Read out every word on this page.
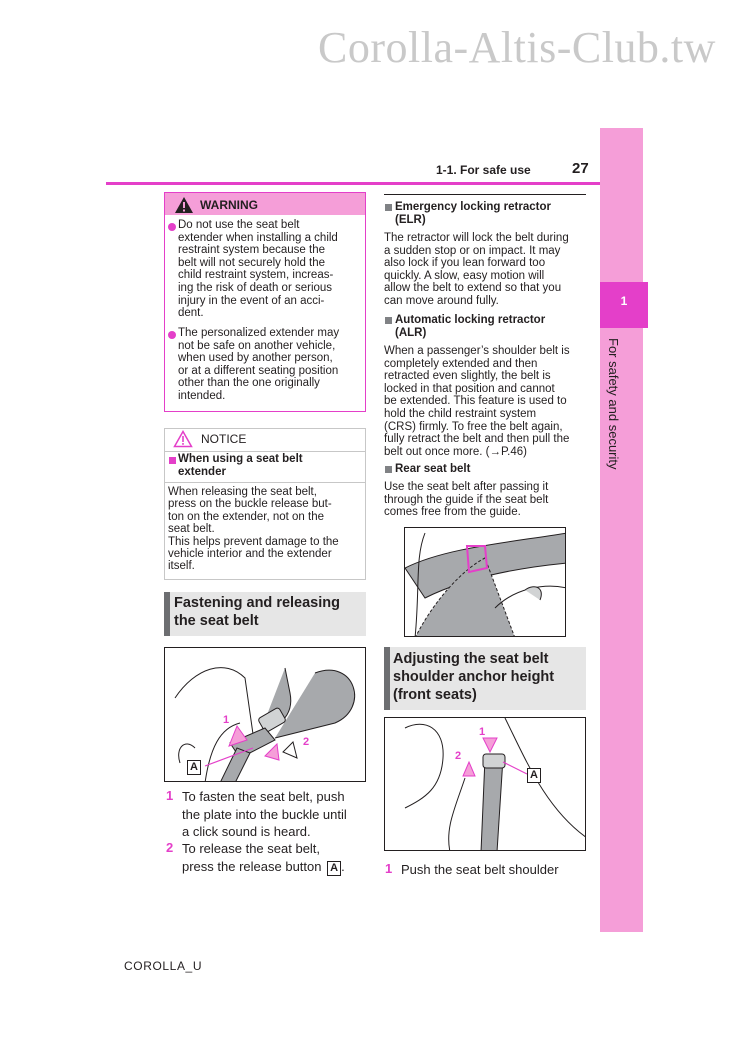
Corolla-Altis-Club.tw
1
For safety and security
1-1. For safe use	27
WARNING
Do not use the seat belt
extender when installing a child
restraint system because the
belt will not securely hold the
child restraint system, increas-
ing the risk of death or serious
injury in the event of an acci-
dent.
The personalized extender may
not be safe on another vehicle,
when used by another person,
or at a different seating position
other than the one originally
intended.
NOTICE
When using a seat belt
extender
When releasing the seat belt,
press on the buckle release but-
ton on the extender, not on the
seat belt.
This helps prevent damage to the
vehicle interior and the extender
itself.
Fastening and releasing
the seat belt
1
2
A
1 To fasten the seat belt, push
the plate into the buckle until
a click sound is heard.
2 To release the seat belt,
press the release button A .
Emergency locking retractor
(ELR)
The retractor will lock the belt during
a sudden stop or on impact. It may
also lock if you lean forward too
quickly. A slow, easy motion will
allow the belt to extend so that you
can move around fully.
Automatic locking retractor
(ALR)
When a passenger’s shoulder belt is
completely extended and then
retracted even slightly, the belt is
locked in that position and cannot
be extended. This feature is used to
hold the child restraint system
(CRS) firmly. To free the belt again,
fully retract the belt and then pull the
belt out once more. (→P.46)
Rear seat belt
Use the seat belt after passing it
through the guide if the seat belt
comes free from the guide.
Adjusting the seat belt
shoulder anchor height
(front seats)
1
2
A
1 Push the seat belt shoulder
COROLLA_U
